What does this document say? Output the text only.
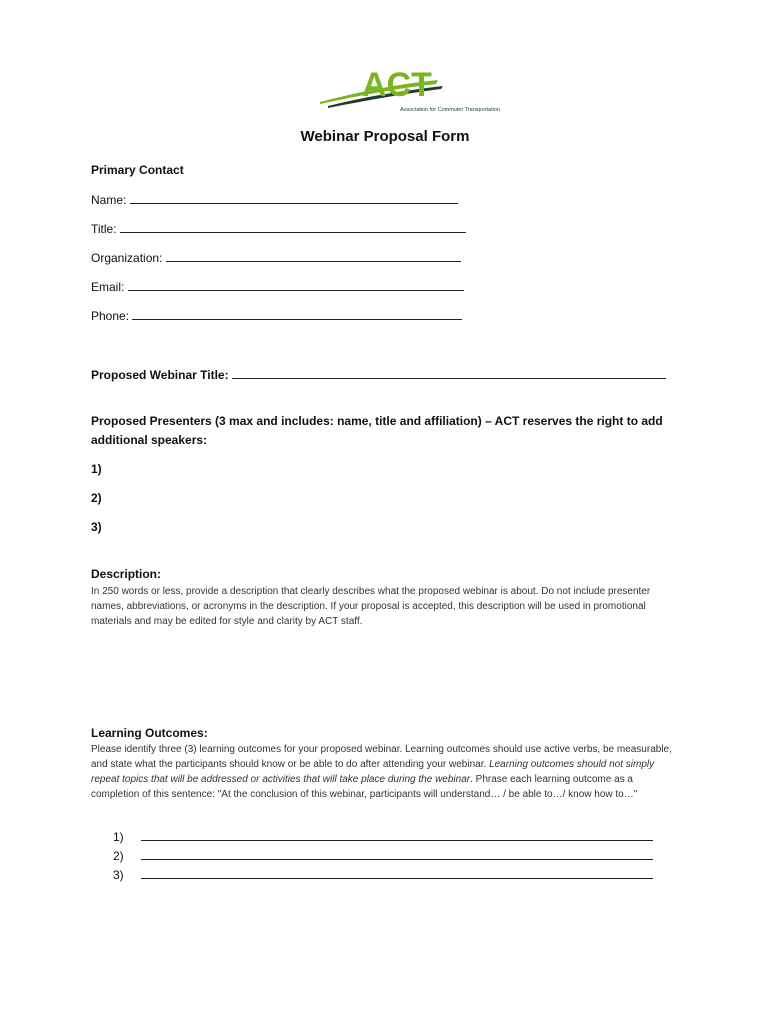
ACT
Association for Commuter Transportation
Webinar Proposal Form
Primary Contact
Name:
Title:
Organization:
Email:
Phone:
Proposed Webinar Title:
Proposed Presenters (3 max and includes: name, title and affiliation) – ACT reserves the right to add
additional speakers:
1)
2)
3)
Description:
In 250 words or less, provide a description that clearly describes what the proposed webinar is about. Do not include presenter names, abbreviations, or acronyms in the description. If your proposal is accepted, this description will be used in promotional materials and may be edited for style and clarity by ACT staff.
Learning Outcomes:
Please identify three (3) learning outcomes for your proposed webinar. Learning outcomes should use active verbs, be measurable, and state what the participants should know or be able to do after attending your webinar. Learning outcomes should not simply repeat topics that will be addressed or activities that will take place during the webinar. Phrase each learning outcome as a completion of this sentence: "At the conclusion of this webinar, participants will understand… / be able to…/ know how to…"
1)
2)
3)
